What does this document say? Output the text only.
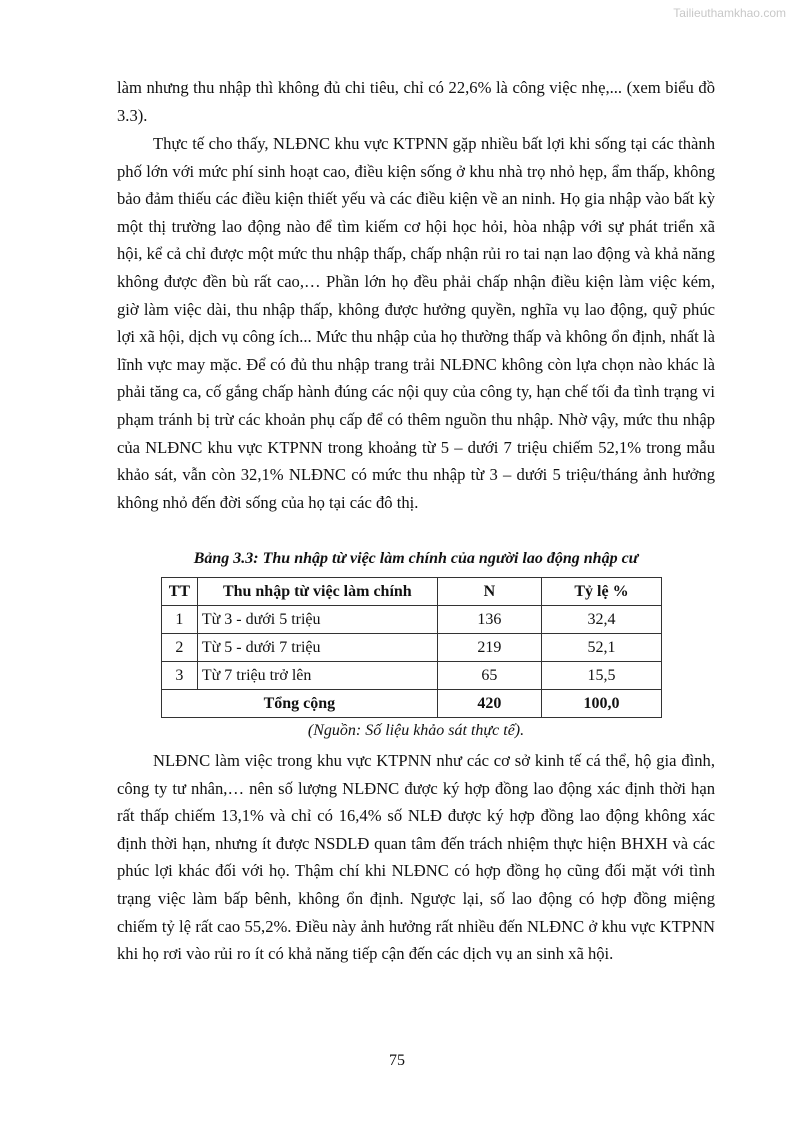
Tailieuthamkhao.com

làm nhưng thu nhập thì không đủ chi tiêu, chỉ có 22,6% là công việc nhẹ,... (xem biểu đồ 3.3).

Thực tế cho thấy, NLĐNC khu vực KTPNN gặp nhiều bất lợi khi sống tại các thành phố lớn với mức phí sinh hoạt cao, điều kiện sống ở khu nhà trọ nhỏ hẹp, ẩm thấp, không bảo đảm thiếu các điều kiện thiết yếu và các điều kiện về an ninh. Họ gia nhập vào bất kỳ một thị trường lao động nào để tìm kiếm cơ hội học hỏi, hòa nhập với sự phát triển xã hội, kể cả chỉ được một mức thu nhập thấp, chấp nhận rủi ro tai nạn lao động và khả năng không được đền bù rất cao,… Phần lớn họ đều phải chấp nhận điều kiện làm việc kém, giờ làm việc dài, thu nhập thấp, không được hưởng quyền, nghĩa vụ lao động, quỹ phúc lợi xã hội, dịch vụ công ích... Mức thu nhập của họ thường thấp và không ổn định, nhất là lĩnh vực may mặc. Để có đủ thu nhập trang trải NLĐNC không còn lựa chọn nào khác là phải tăng ca, cố gắng chấp hành đúng các nội quy của công ty, hạn chế tối đa tình trạng vi phạm tránh bị trừ các khoản phụ cấp để có thêm nguồn thu nhập. Nhờ vậy, mức thu nhập của NLĐNC khu vực KTPNN trong khoảng từ 5 – dưới 7 triệu chiếm 52,1% trong mẫu khảo sát, vẫn còn 32,1% NLĐNC có mức thu nhập từ 3 – dưới 5 triệu/tháng ảnh hưởng không nhỏ đến đời sống của họ tại các đô thị.

Bảng 3.3: Thu nhập từ việc làm chính của người lao động nhập cư

TT	Thu nhập từ việc làm chính	N	Tỷ lệ %
1	Từ 3 - dưới 5 triệu	136	32,4
2	Từ 5 - dưới 7 triệu	219	52,1
3	Từ 7 triệu trở lên	65	15,5
Tổng cộng		420	100,0

(Nguồn: Số liệu khảo sát thực tế).

NLĐNC làm việc trong khu vực KTPNN như các cơ sở kinh tế cá thể, hộ gia đình, công ty tư nhân,… nên số lượng NLĐNC được ký hợp đồng lao động xác định thời hạn rất thấp chiếm 13,1% và chỉ có 16,4% số NLĐ được ký hợp đồng lao động không xác định thời hạn, nhưng ít được NSDLĐ quan tâm đến trách nhiệm thực hiện BHXH và các phúc lợi khác đối với họ. Thậm chí khi NLĐNC có hợp đồng họ cũng đối mặt với tình trạng việc làm bấp bênh, không ổn định. Ngược lại, số lao động có hợp đồng miệng chiếm tỷ lệ rất cao 55,2%. Điều này ảnh hưởng rất nhiều đến NLĐNC ở khu vực KTPNN khi họ rơi vào rủi ro ít có khả năng tiếp cận đến các dịch vụ an sinh xã hội.

75
